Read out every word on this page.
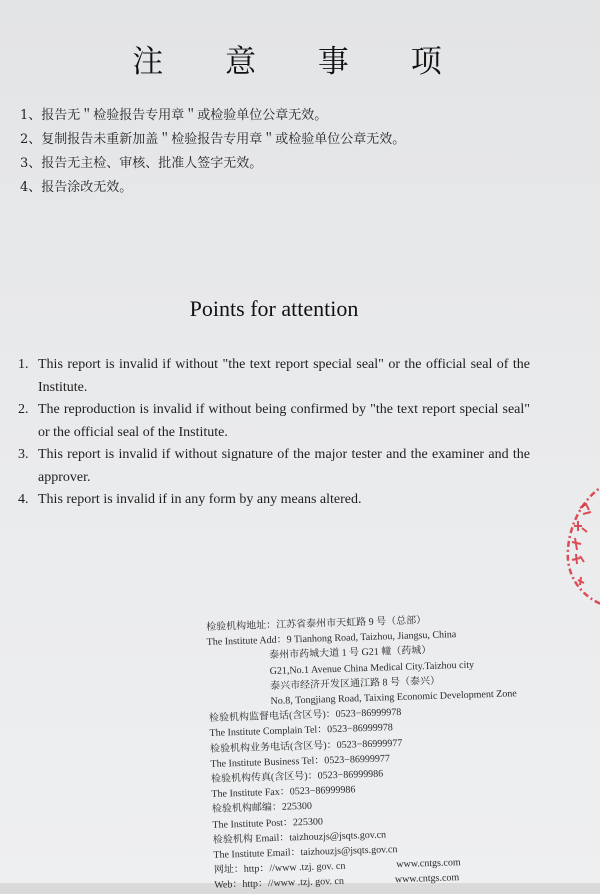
注 意 事 项
1、报告无＂检验报告专用章＂或检验单位公章无效。
2、复制报告未重新加盖＂检验报告专用章＂或检验单位公章无效。
3、报告无主检、审核、批准人签字无效。
4、报告涂改无效。
Points for attention
1. This report is invalid if without "the text report special seal" or the official seal of the Institute.
2. The reproduction is invalid if without being confirmed by "the text report special seal" or the official seal of the Institute.
3. This report is invalid if without signature of the major tester and the examiner and the approver.
4. This report is invalid if in any form by any means altered.
检验机构地址：江苏省泰州市天虹路 9 号（总部）
The Institute Add：9 Tianhong Road, Taizhou, Jiangsu, China
泰州市药城大道 1 号 G21 幢（药城）
G21,No.1 Avenue China Medical City.Taizhou city
泰兴市经济开发区通江路 8 号（泰兴）
No.8, Tongjiang Road, Taixing Economic Development Zone
检验机构监督电话(含区号)：0523−86999978
The Institute Complain Tel：0523−86999978
检验机构业务电话(含区号)：0523−86999977
The Institute Business Tel：0523−86999977
检验机构传真(含区号)：0523−86999986
The Institute Fax：0523−86999986
检验机构邮编：225300
The Institute Post：225300
检验机构 Email：taizhouzjs@jsqts.gov.cn
The Institute Email：taizhouzjs@jsqts.gov.cn
网址：http：//www .tzj. gov. cn	www.cntgs.com
Web：http：//www .tzj. gov. cn	www.cntgs.com
